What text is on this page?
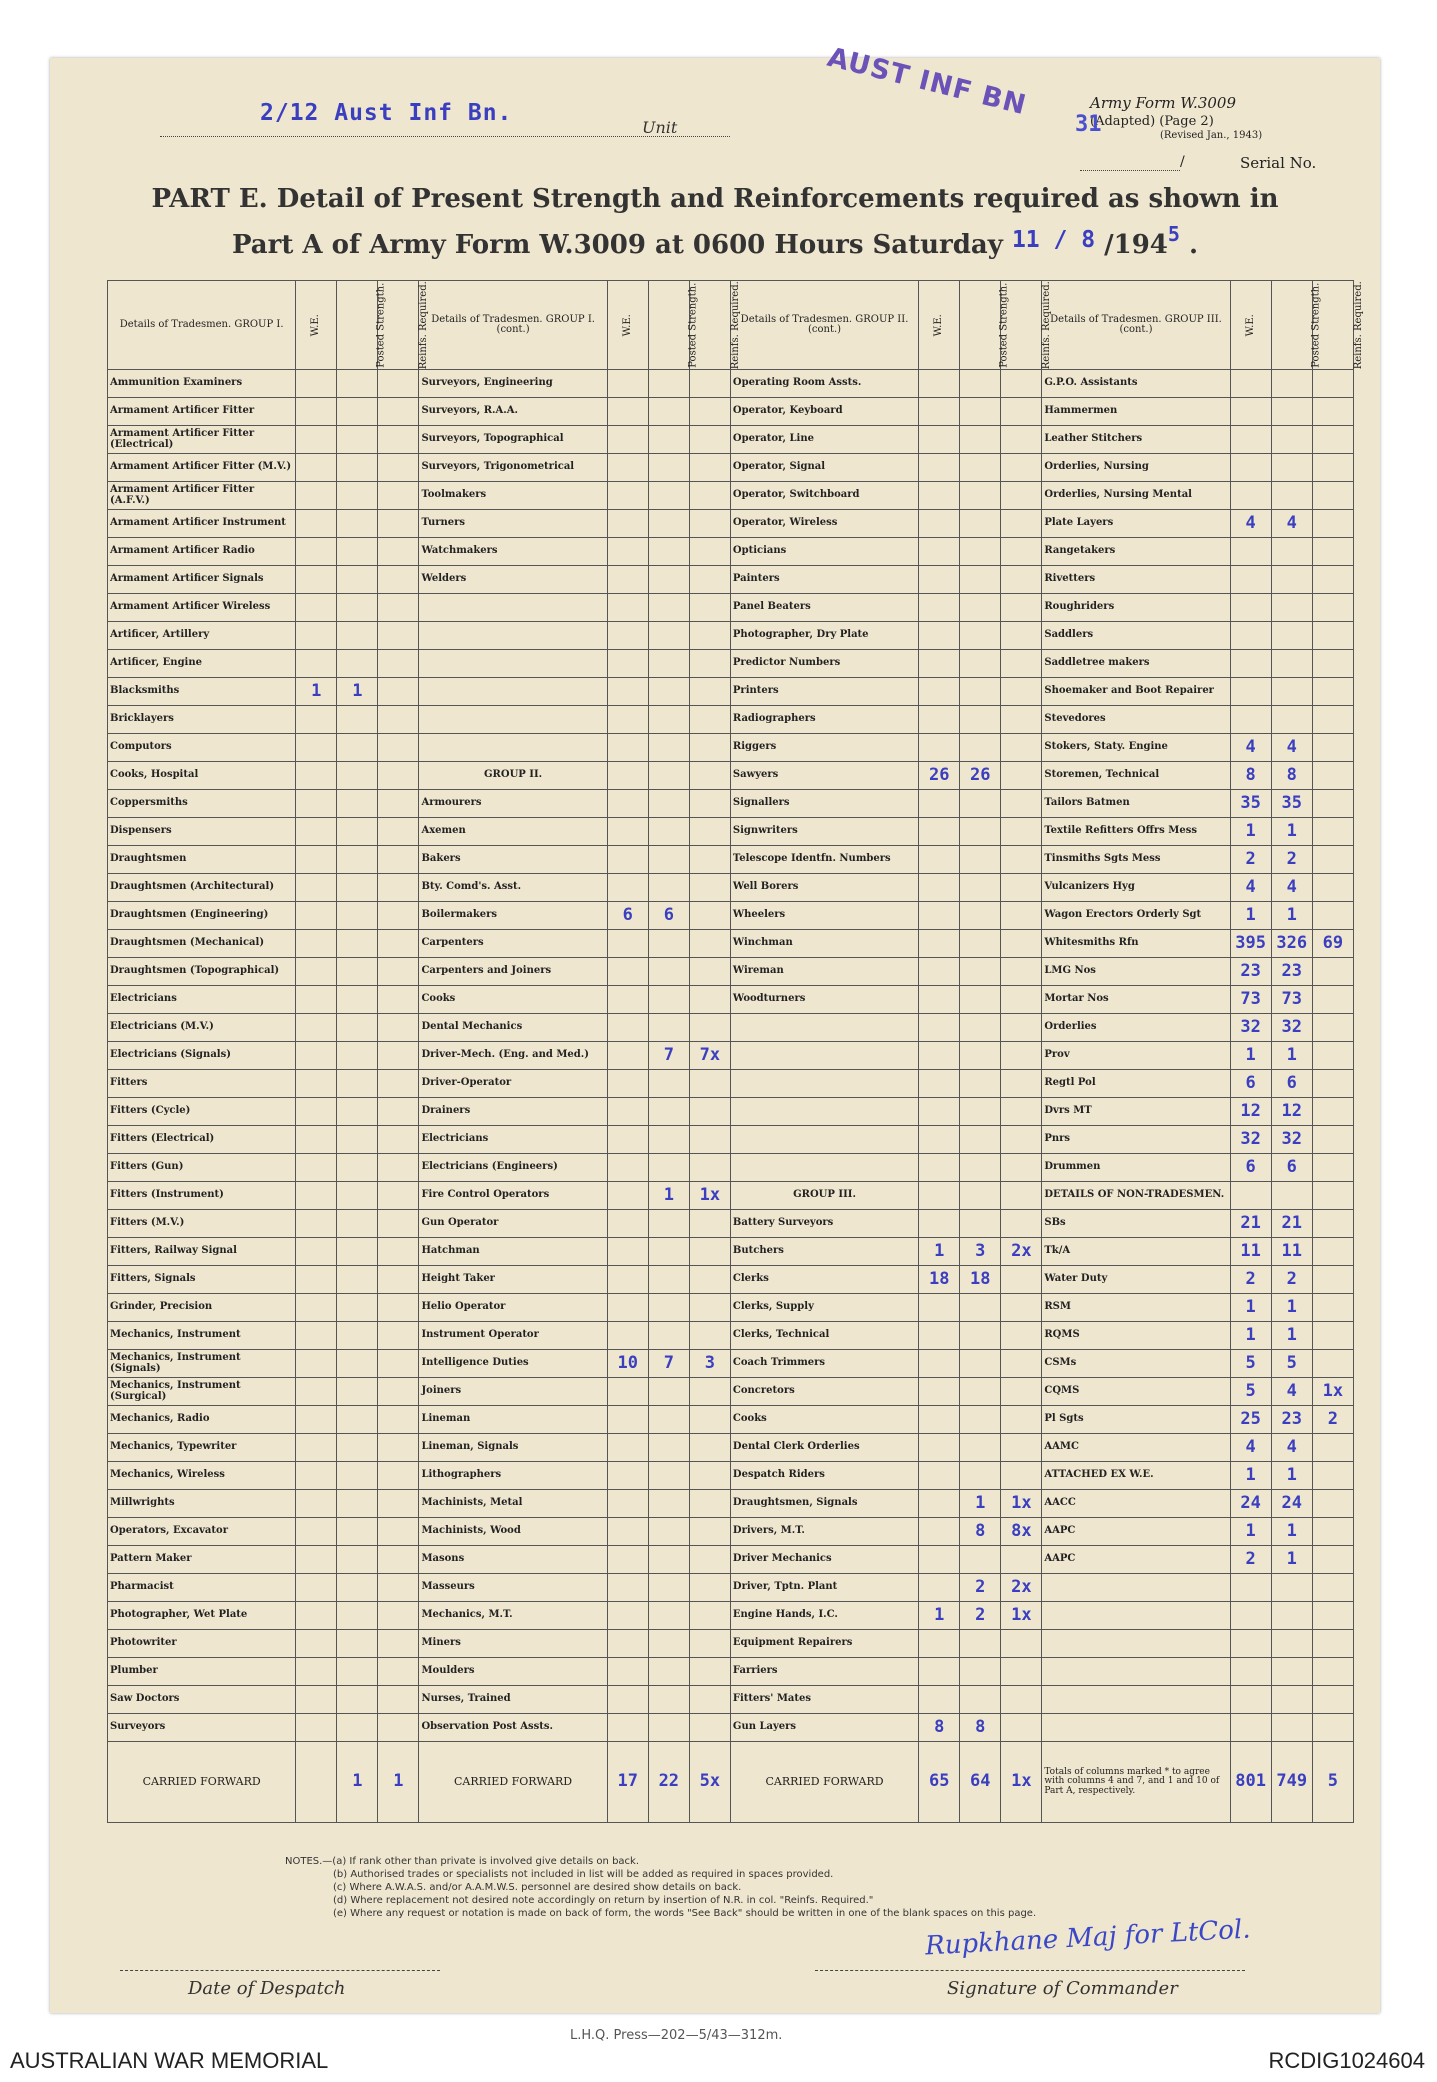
2/12 Aust Inf Bn.
Unit
AUST INF BN	Army Form W.3009
(Adapted) (Page 2)
(Revised Jan., 1943)
31
/	Serial No.
PART E. Detail of Present Strength and Reinforcements required as shown in
Part A of Army Form W.3009 at 0600 Hours Saturday 11 / 8 $/194^5$ .
Details of Tradesmen. GROUP I.	W.E.	Posted Strength.	Reinfs. Required.	Details of Tradesmen. GROUP I. (cont.)	W.E.	Posted Strength.	Reinfs. Required.	Details of Tradesmen. GROUP II. (cont.)	W.E.	Posted Strength.	Reinfs. Required.	Details of Tradesmen. GROUP III. (cont.)	W.E.	Posted Strength.	Reinfs. Required.
Ammunition Examiners				Surveyors, Engineering				Operating Room Assts.				G.P.O. Assistants			
Armament Artificer Fitter				Surveyors, R.A.A.				Operator, Keyboard				Hammermen			
Armament Artificer Fitter (Electrical)				Surveyors, Topographical				Operator, Line				Leather Stitchers			
Armament Artificer Fitter (M.V.)				Surveyors, Trigonometrical				Operator, Signal				Orderlies, Nursing			
Armament Artificer Fitter (A.F.V.)				Toolmakers				Operator, Switchboard				Orderlies, Nursing Mental			
Armament Artificer Instrument				Turners				Operator, Wireless				Plate Layers	4	4	
Armament Artificer Radio				Watchmakers				Opticians				Rangetakers			
Armament Artificer Signals				Welders				Painters				Rivetters			
Armament Artificer Wireless								Panel Beaters				Roughriders			
Artificer, Artillery								Photographer, Dry Plate				Saddlers			
Artificer, Engine								Predictor Numbers				Saddletree makers			
Blacksmiths	1	1						Printers				Shoemaker and Boot Repairer			
Bricklayers								Radiographers				Stevedores			
Computors								Riggers				Stokers, Staty. Engine	4	4	
Cooks, Hospital				GROUP II.				Sawyers	26	26		Storemen, Technical	8	8	
Coppersmiths				Armourers				Signallers				Tailors Batmen	35	35	
Dispensers				Axemen				Signwriters				Textile Refitters Offrs Mess	1	1	
Draughtsmen				Bakers				Telescope Identfn. Numbers				Tinsmiths Sgts Mess	2	2	
Draughtsmen (Architectural)				Bty. Comd's. Asst.				Well Borers				Vulcanizers Hyg	4	4	
Draughtsmen (Engineering)				Boilermakers	6	6		Wheelers				Wagon Erectors Orderly Sgt	1	1	
Draughtsmen (Mechanical)				Carpenters				Winchman				Whitesmiths Rfn	395	326	69
Draughtsmen (Topographical)				Carpenters and Joiners				Wireman				LMG Nos	23	23	
Electricians				Cooks				Woodturners				Mortar Nos	73	73	
Electricians (M.V.)				Dental Mechanics								Orderlies	32	32	
Electricians (Signals)				Driver-Mech. (Eng. and Med.)		7	7x					Prov	1	1	
Fitters				Driver-Operator								Regtl Pol	6	6	
Fitters (Cycle)				Drainers								Dvrs MT	12	12	
Fitters (Electrical)				Electricians								Pnrs	32	32	
Fitters (Gun)				Electricians (Engineers)								Drummen	6	6	
Fitters (Instrument)				Fire Control Operators		1	1x	GROUP III.				DETAILS OF NON-TRADESMEN.			
Fitters (M.V.)				Gun Operator				Battery Surveyors				SBs	21	21	
Fitters, Railway Signal				Hatchman				Butchers	1	3	2x	Tk/A	11	11	
Fitters, Signals				Height Taker				Clerks	18	18		Water Duty	2	2	
Grinder, Precision				Helio Operator				Clerks, Supply				RSM	1	1	
Mechanics, Instrument				Instrument Operator				Clerks, Technical				RQMS	1	1	
Mechanics, Instrument (Signals)				Intelligence Duties	10	7	3	Coach Trimmers				CSMs	5	5	
Mechanics, Instrument (Surgical)				Joiners				Concretors				CQMS	5	4	1x
Mechanics, Radio				Lineman				Cooks				Pl Sgts	25	23	2
Mechanics, Typewriter				Lineman, Signals				Dental Clerk Orderlies				AAMC	4	4	
Mechanics, Wireless				Lithographers				Despatch Riders				ATTACHED EX W.E.	1	1	
Millwrights				Machinists, Metal				Draughtsmen, Signals		1	1x	AACC	24	24	
Operators, Excavator				Machinists, Wood				Drivers, M.T.		8	8x	AAPC	1	1	
Pattern Maker				Masons				Driver Mechanics				AAPC	2	1	
Pharmacist				Masseurs				Driver, Tptn. Plant		2	2x				
Photographer, Wet Plate				Mechanics, M.T.				Engine Hands, I.C.	1	2	1x				
Photowriter				Miners				Equipment Repairers							
Plumber				Moulders				Farriers							
Saw Doctors				Nurses, Trained				Fitters' Mates							
Surveyors				Observation Post Assts.				Gun Layers	8	8					
CARRIED FORWARD		1	1	CARRIED FORWARD	17	22	5x	CARRIED FORWARD	65	64	1x	Totals of columns marked * to agree with columns 4 and 7, and 1 and 10 of Part A, respectively.	801	749	5
NOTES.—(a) If rank other than private is involved give details on back.
(b) Authorised trades or specialists not included in list will be added as required in spaces provided.
(c) Where A.W.A.S. and/or A.A.M.W.S. personnel are desired show details on back.
(d) Where replacement not desired note accordingly on return by insertion of N.R. in col. "Reinfs. Required."
(e) Where any request or notation is made on back of form, the words "See Back" should be written in one of the blank spaces on this page.
Rupkhane Maj for LtCol.
Date of Despatch	Signature of Commander
L.H.Q. Press—202—5/43—312m.
AUSTRALIAN WAR MEMORIAL	RCDIG1024604
